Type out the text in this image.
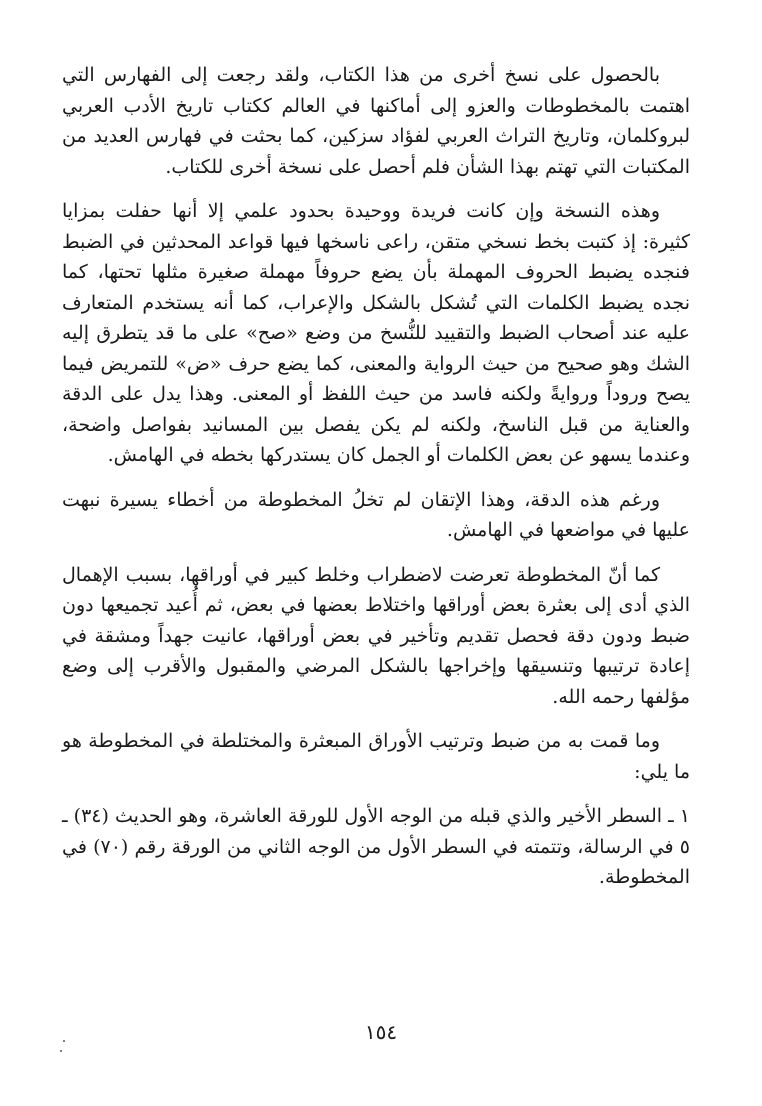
بالحصول على نسخ أخرى من هذا الكتاب، ولقد رجعت إلى الفهارس التي اهتمت بالمخطوطات والعزو إلى أماكنها في العالم ككتاب تاريخ الأدب العربي لبروكلمان، وتاريخ التراث العربي لفؤاد سزكين، كما بحثت في فهارس العديد من المكتبات التي تهتم بهذا الشأن فلم أحصل على نسخة أخرى للكتاب.

وهذه النسخة وإن كانت فريدة ووحيدة بحدود علمي إلا أنها حفلت بمزايا كثيرة: إذ كتبت بخط نسخي متقن، راعى ناسخها فيها قواعد المحدثين في الضبط فنجده يضبط الحروف المهملة بأن يضع حروفاً مهملة صغيرة مثلها تحتها، كما نجده يضبط الكلمات التي تُشكل بالشكل والإعراب، كما أنه يستخدم المتعارف عليه عند أصحاب الضبط والتقييد للنُّسخ من وضع «صح» على ما قد يتطرق إليه الشك وهو صحيح من حيث الرواية والمعنى، كما يضع حرف «ض» للتمريض فيما يصح وروداً وروايةً ولكنه فاسد من حيث اللفظ أو المعنى. وهذا يدل على الدقة والعناية من قبل الناسخ، ولكنه لم يكن يفصل بين المسانيد بفواصل واضحة، وعندما يسهو عن بعض الكلمات أو الجمل كان يستدركها بخطه في الهامش.

ورغم هذه الدقة، وهذا الإتقان لم تخلُ المخطوطة من أخطاء يسيرة نبهت عليها في مواضعها في الهامش.

كما أنّ المخطوطة تعرضت لاضطراب وخلط كبير في أوراقها، بسبب الإهمال الذي أدى إلى بعثرة بعض أوراقها واختلاط بعضها في بعض، ثم أُعيد تجميعها دون ضبط ودون دقة فحصل تقديم وتأخير في بعض أوراقها، عانيت جهداً ومشقة في إعادة ترتيبها وتنسيقها وإخراجها بالشكل المرضي والمقبول والأقرب إلى وضع مؤلفها رحمه الله.

وما قمت به من ضبط وترتيب الأوراق المبعثرة والمختلطة في المخطوطة هو ما يلي:

١ ـ السطر الأخير والذي قبله من الوجه الأول للورقة العاشرة، وهو الحديث (٣٤) ـ ٥ في الرسالة، وتتمته في السطر الأول من الوجه الثاني من الورقة رقم (٧٠) في المخطوطة.

١٥٤
